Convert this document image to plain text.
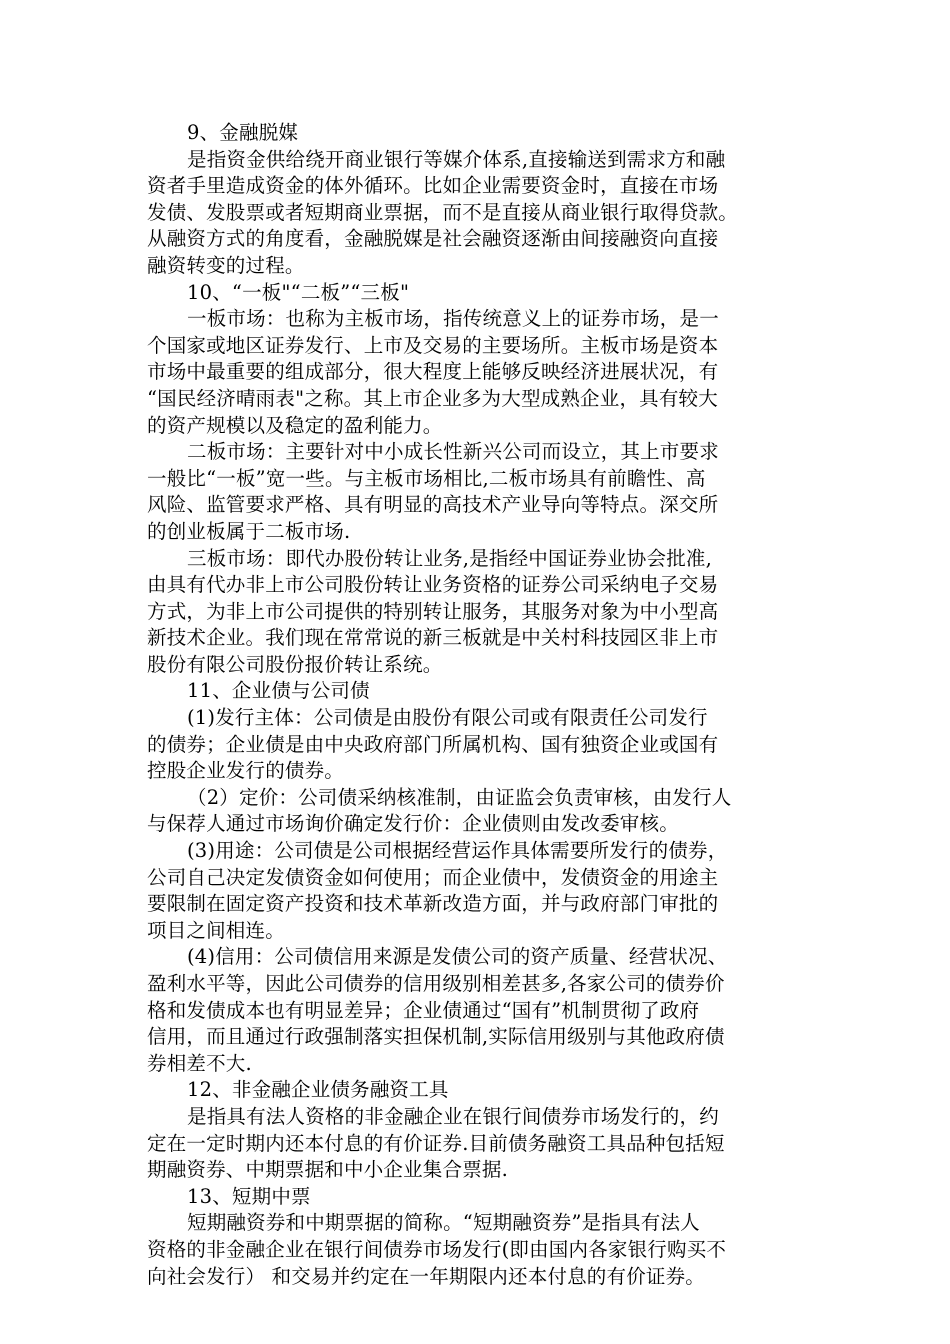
9、金融脱媒

是指资金供给绕开商业银行等媒介体系,直接输送到需求方和融

资者手里造成资金的体外循环。比如企业需要资金时，直接在市场

发债、发股票或者短期商业票据，而不是直接从商业银行取得贷款。

从融资方式的角度看，金融脱媒是社会融资逐渐由间接融资向直接

融资转变的过程。

10、“一板"“二板”“三板"

一板市场：也称为主板市场，指传统意义上的证券市场，是一

个国家或地区证券发行、上市及交易的主要场所。主板市场是资本

市场中最重要的组成部分，很大程度上能够反映经济进展状况，有

“国民经济晴雨表"之称。其上市企业多为大型成熟企业，具有较大

的资产规模以及稳定的盈利能力。

二板市场：主要针对中小成长性新兴公司而设立，其上市要求

一般比“一板”宽一些。与主板市场相比,二板市场具有前瞻性、高

风险、监管要求严格、具有明显的高技术产业导向等特点。深交所

的创业板属于二板市场.

三板市场：即代办股份转让业务,是指经中国证券业协会批准,

由具有代办非上市公司股份转让业务资格的证券公司采纳电子交易

方式，为非上市公司提供的特别转让服务，其服务对象为中小型高

新技术企业。我们现在常常说的新三板就是中关村科技园区非上市

股份有限公司股份报价转让系统。

11、企业债与公司债

(1)发行主体：公司债是由股份有限公司或有限责任公司发行

的债券；企业债是由中央政府部门所属机构、国有独资企业或国有

控股企业发行的债券。

（2）定价：公司债采纳核准制，由证监会负责审核，由发行人

与保荐人通过市场询价确定发行价：企业债则由发改委审核。

(3)用途：公司债是公司根据经营运作具体需要所发行的债券，

公司自己决定发债资金如何使用；而企业债中，发债资金的用途主

要限制在固定资产投资和技术革新改造方面，并与政府部门审批的

项目之间相连。

(4)信用：公司债信用来源是发债公司的资产质量、经营状况、

盈利水平等，因此公司债券的信用级别相差甚多,各家公司的债券价

格和发债成本也有明显差异；企业债通过“国有”机制贯彻了政府

信用，而且通过行政强制落实担保机制,实际信用级别与其他政府债

券相差不大.

12、非金融企业债务融资工具

是指具有法人资格的非金融企业在银行间债券市场发行的，约

定在一定时期内还本付息的有价证券.目前债务融资工具品种包括短

期融资券、中期票据和中小企业集合票据.

13、短期中票

短期融资券和中期票据的简称。“短期融资券”是指具有法人

资格的非金融企业在银行间债券市场发行(即由国内各家银行购买不

向社会发行） 和交易并约定在一年期限内还本付息的有价证券。
